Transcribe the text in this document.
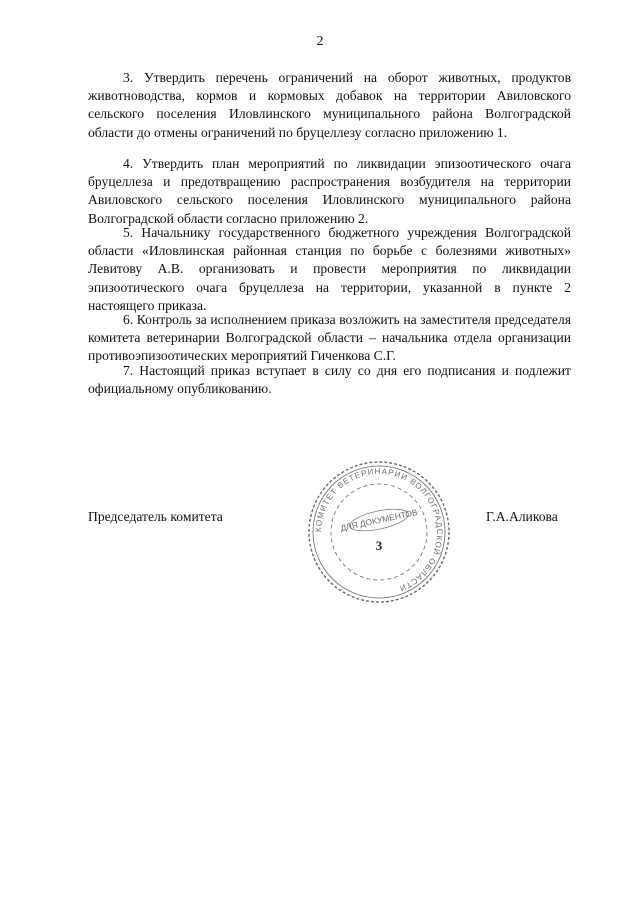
2

3. Утвердить перечень ограничений на оборот животных, продуктов животноводства, кормов и кормовых добавок на территории Авиловского сельского поселения Иловлинского муниципального района Волгоградской области до отмены ограничений по бруцеллезу согласно приложению 1.

4. Утвердить план мероприятий по ликвидации эпизоотического очага бруцеллеза и предотвращению распространения возбудителя на территории Авиловского сельского поселения Иловлинского муниципального района Волгоградской области согласно приложению 2.

5. Начальнику государственного бюджетного учреждения Волгоградской области «Иловлинская районная станция по борьбе с болезнями животных» Левитову А.В. организовать и провести мероприятия по ликвидации эпизоотического очага бруцеллеза на территории, указанной в пункте 2 настоящего приказа.

6. Контроль за исполнением приказа возложить на заместителя председателя комитета ветеринарии Волгоградской области – начальника отдела организации противоэпизоотических мероприятий Гиченкова С.Г.

7. Настоящий приказ вступает в силу со дня его подписания и подлежит официальному опубликованию.

Председатель комитета
КОМИТЕТ ВЕТЕРИНАРИИ ВОЛГОГРАДСКОЙ ОБЛАСТИ
ДЛЯ ДОКУМЕНТОВ
3
Г.А.Аликова
